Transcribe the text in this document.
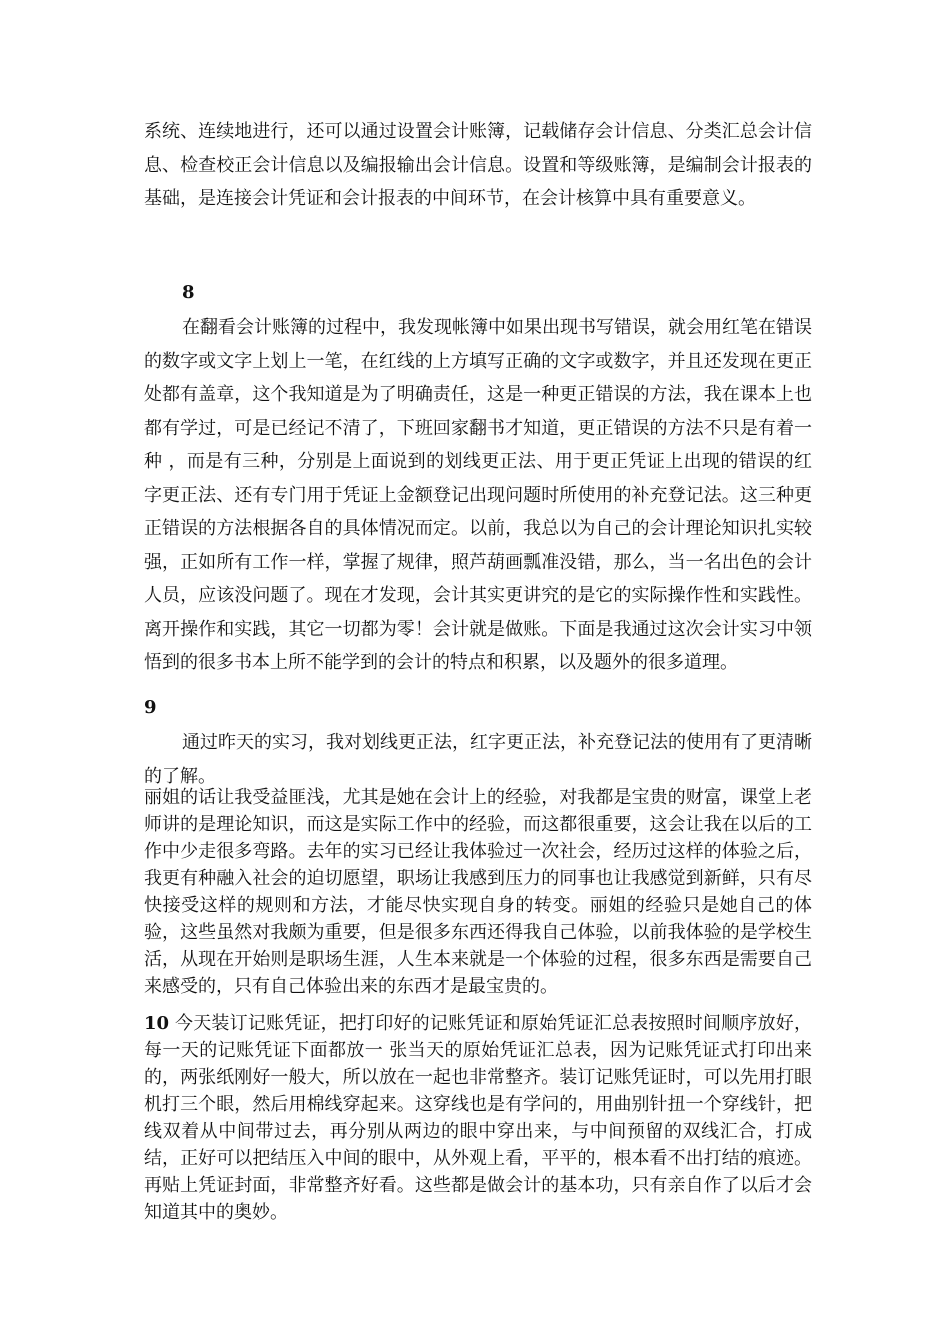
系统、连续地进行，还可以通过设置会计账簿，记载储存会计信息、分类汇总会计信息、检查校正会计信息以及编报输出会计信息。设置和等级账簿，是编制会计报表的基础，是连接会计凭证和会计报表的中间环节，在会计核算中具有重要意义。

8

在翻看会计账簿的过程中，我发现帐簿中如果出现书写错误，就会用红笔在错误的数字或文字上划上一笔，在红线的上方填写正确的文字或数字，并且还发现在更正处都有盖章，这个我知道是为了明确责任，这是一种更正错误的方法，我在课本上也都有学过，可是已经记不清了，下班回家翻书才知道，更正错误的方法不只是有着一种 ，而是有三种，分别是上面说到的划线更正法、用于更正凭证上出现的错误的红字更正法、还有专门用于凭证上金额登记出现问题时所使用的补充登记法。这三种更正错误的方法根据各自的具体情况而定。以前，我总以为自己的会计理论知识扎实较强，正如所有工作一样，掌握了规律，照芦葫画瓢准没错，那么，当一名出色的会计人员，应该没问题了。现在才发现，会计其实更讲究的是它的实际操作性和实践性。离开操作和实践，其它一切都为零！会计就是做账。下面是我通过这次会计实习中领悟到的很多书本上所不能学到的会计的特点和积累，以及题外的很多道理。

9

通过昨天的实习，我对划线更正法，红字更正法，补充登记法的使用有了更清晰的了解。

丽姐的话让我受益匪浅，尤其是她在会计上的经验，对我都是宝贵的财富，课堂上老师讲的是理论知识，而这是实际工作中的经验，而这都很重要，这会让我在以后的工作中少走很多弯路。去年的实习已经让我体验过一次社会，经历过这样的体验之后，我更有种融入社会的迫切愿望，职场让我感到压力的同事也让我感觉到新鲜，只有尽快接受这样的规则和方法，才能尽快实现自身的转变。丽姐的经验只是她自己的体验，这些虽然对我颇为重要，但是很多东西还得我自己体验，以前我体验的是学校生活，从现在开始则是职场生涯，人生本来就是一个体验的过程，很多东西是需要自己来感受的，只有自己体验出来的东西才是最宝贵的。

10 今天装订记账凭证，把打印好的记账凭证和原始凭证汇总表按照时间顺序放好，每一天的记账凭证下面都放一 张当天的原始凭证汇总表，因为记账凭证式打印出来的，两张纸刚好一般大，所以放在一起也非常整齐。装订记账凭证时，可以先用打眼机打三个眼，然后用棉线穿起来。这穿线也是有学问的，用曲别针扭一个穿线针，把线双着从中间带过去，再分别从两边的眼中穿出来，与中间预留的双线汇合，打成结，正好可以把结压入中间的眼中，从外观上看，平平的，根本看不出打结的痕迹。再贴上凭证封面，非常整齐好看。这些都是做会计的基本功，只有亲自作了以后才会知道其中的奥妙。
